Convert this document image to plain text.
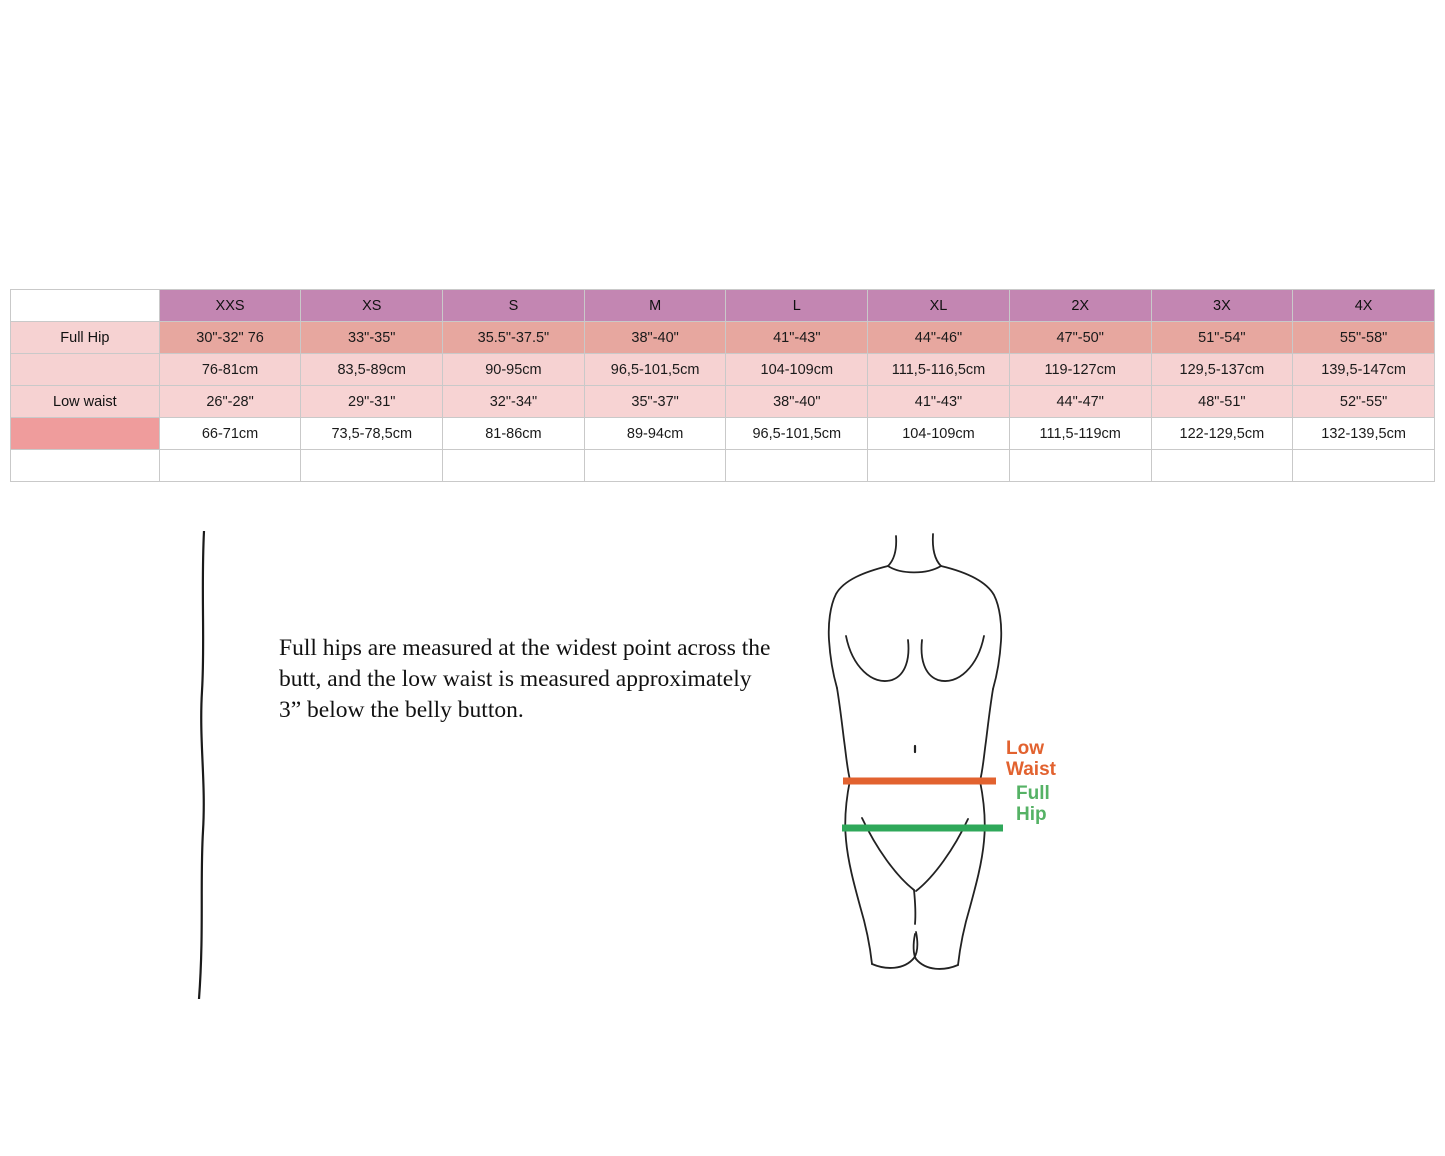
	XXS	XS	S	M	L	XL	2X	3X	4X
Full Hip	30"-32" 76	33"-35"	35.5"-37.5"	38"-40"	41"-43"	44"-46"	47"-50"	51"-54"	55"-58"
	76-81cm	83,5-89cm	90-95cm	96,5-101,5cm	104-109cm	111,5-116,5cm	119-127cm	129,5-137cm	139,5-147cm
Low waist	26"-28"	29"-31"	32"-34"	35"-37"	38"-40"	41"-43"	44"-47"	48"-51"	52"-55"
	66-71cm	73,5-78,5cm	81-86cm	89-94cm	96,5-101,5cm	104-109cm	111,5-119cm	122-129,5cm	132-139,5cm

Full hips are measured at the widest point across the butt, and the low waist is measured approximately 3” below the belly button.

Low
Waist
Full
Hip
